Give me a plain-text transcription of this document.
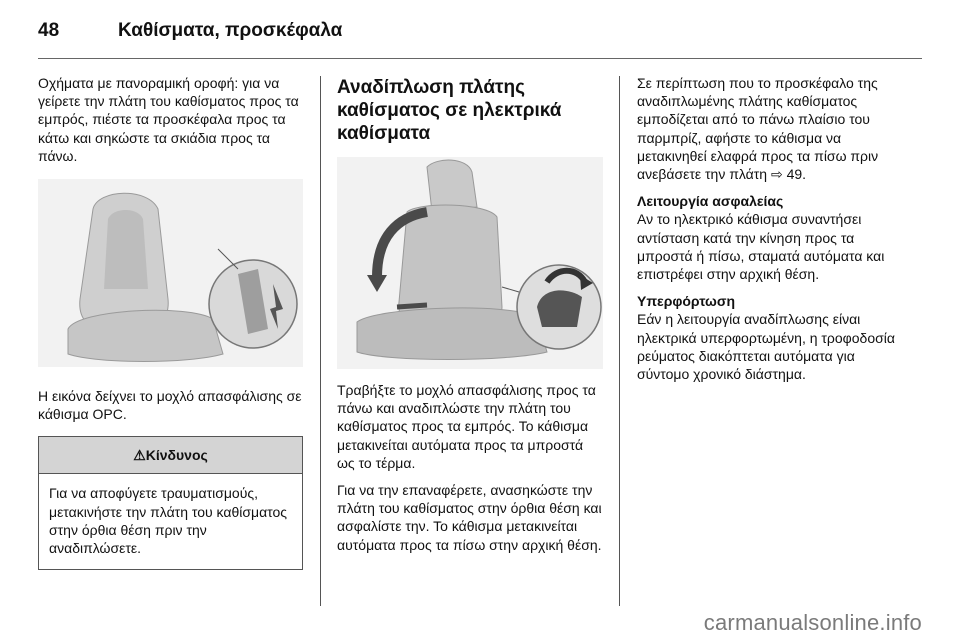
48	Καθίσματα, προσκέφαλα

Οχήματα με πανοραμική οροφή: για να γείρετε την πλάτη του καθίσματος προς τα εμπρός, πιέστε τα προσκέφαλα προς τα κάτω και σηκώστε τα σκιάδια προς τα πάνω.

Η εικόνα δείχνει το μοχλό απασφάλισης σε κάθισμα OPC.

⚠Κίνδυνος
Για να αποφύγετε τραυματισμούς, μετακινήστε την πλάτη του καθίσματος στην όρθια θέση πριν την αναδιπλώσετε.
Αναδίπλωση πλάτης καθίσματος σε ηλεκτρικά καθίσματα

Τραβήξτε το μοχλό απασφάλισης προς τα πάνω και αναδιπλώστε την πλάτη του καθίσματος προς τα εμπρός. Το κάθισμα μετακινείται αυτόματα προς τα μπροστά ως το τέρμα.

Για να την επαναφέρετε, ανασηκώστε την πλάτη του καθίσματος στην όρθια θέση και ασφαλίστε την. Το κάθισμα μετακινείται αυτόματα προς τα πίσω στην αρχική θέση.

Σε περίπτωση που το προσκέφαλο της αναδιπλωμένης πλάτης καθίσματος εμποδίζεται από το πάνω πλαίσιο του παρμπρίζ, αφήστε το κάθισμα να μετακινηθεί ελαφρά προς τα πίσω πριν ανεβάσετε την πλάτη ⇨ 49.

Λειτουργία ασφαλείας

Αν το ηλεκτρικό κάθισμα συναντήσει αντίσταση κατά την κίνηση προς τα μπροστά ή πίσω, σταματά αυτόματα και επιστρέφει στην αρχική θέση.

Υπερφόρτωση

Εάν η λειτουργία αναδίπλωσης είναι ηλεκτρικά υπερφορτωμένη, η τροφοδοσία ρεύματος διακόπτεται αυτόματα για σύντομο χρονικό διάστημα.

carmanualsonline.info
